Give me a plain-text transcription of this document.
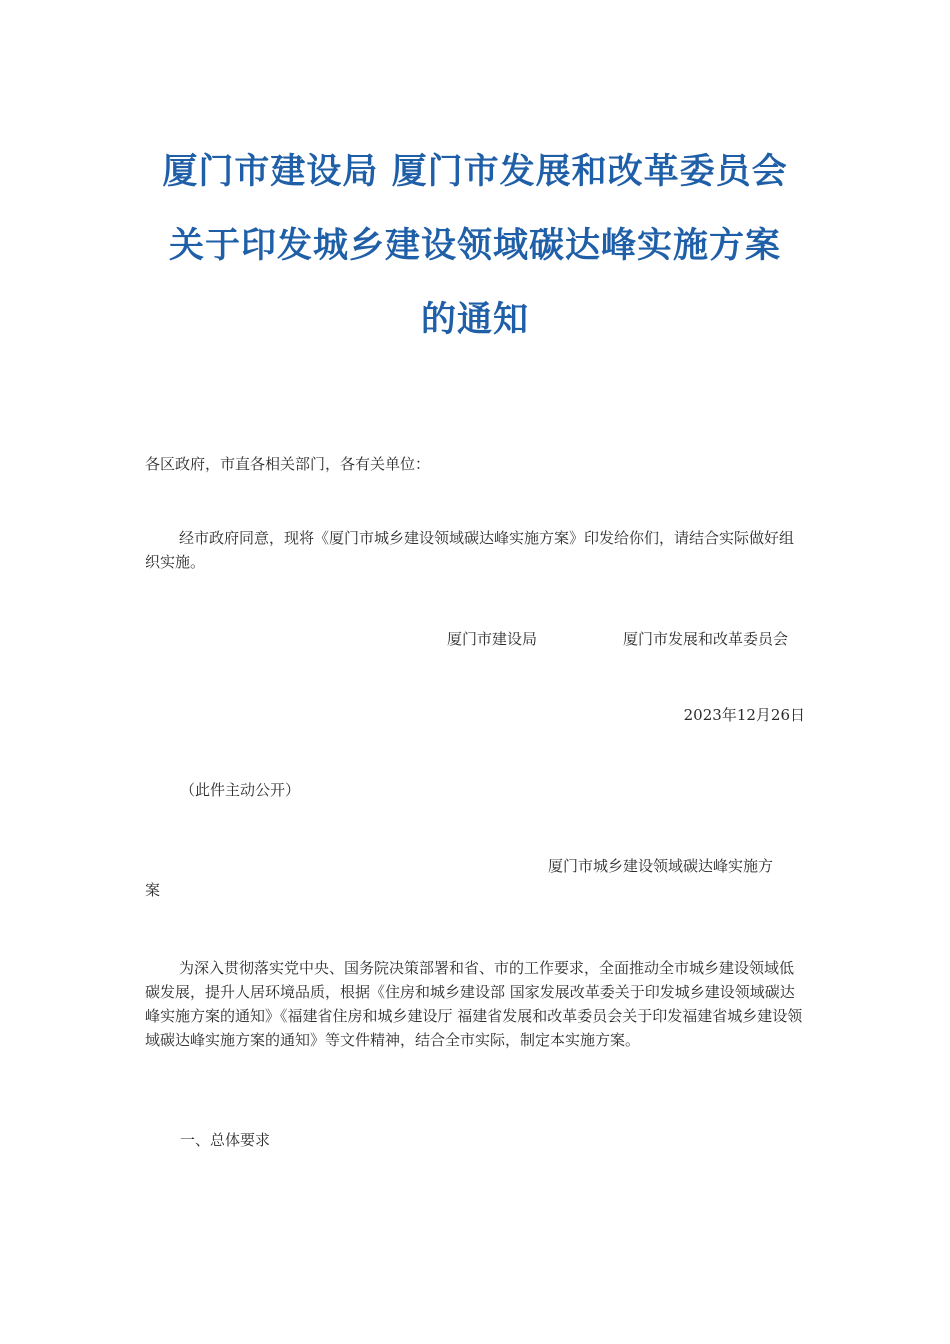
厦门市建设局 厦门市发展和改革委员会
关于印发城乡建设领域碳达峰实施方案
的通知
各区政府，市直各相关部门，各有关单位：
经市政府同意，现将《厦门市城乡建设领域碳达峰实施方案》印发给你们，请结合实际做好组织实施。
厦门市建设局	厦门市发展和改革委员会
2023年12月26日
（此件主动公开）
厦门市城乡建设领域碳达峰实施方
案
为深入贯彻落实党中央、国务院决策部署和省、市的工作要求，全面推动全市城乡建设领域低碳发展，提升人居环境品质，根据《住房和城乡建设部 国家发展改革委关于印发城乡建设领域碳达峰实施方案的通知》《福建省住房和城乡建设厅 福建省发展和改革委员会关于印发福建省城乡建设领域碳达峰实施方案的通知》等文件精神，结合全市实际，制定本实施方案。
一、总体要求
